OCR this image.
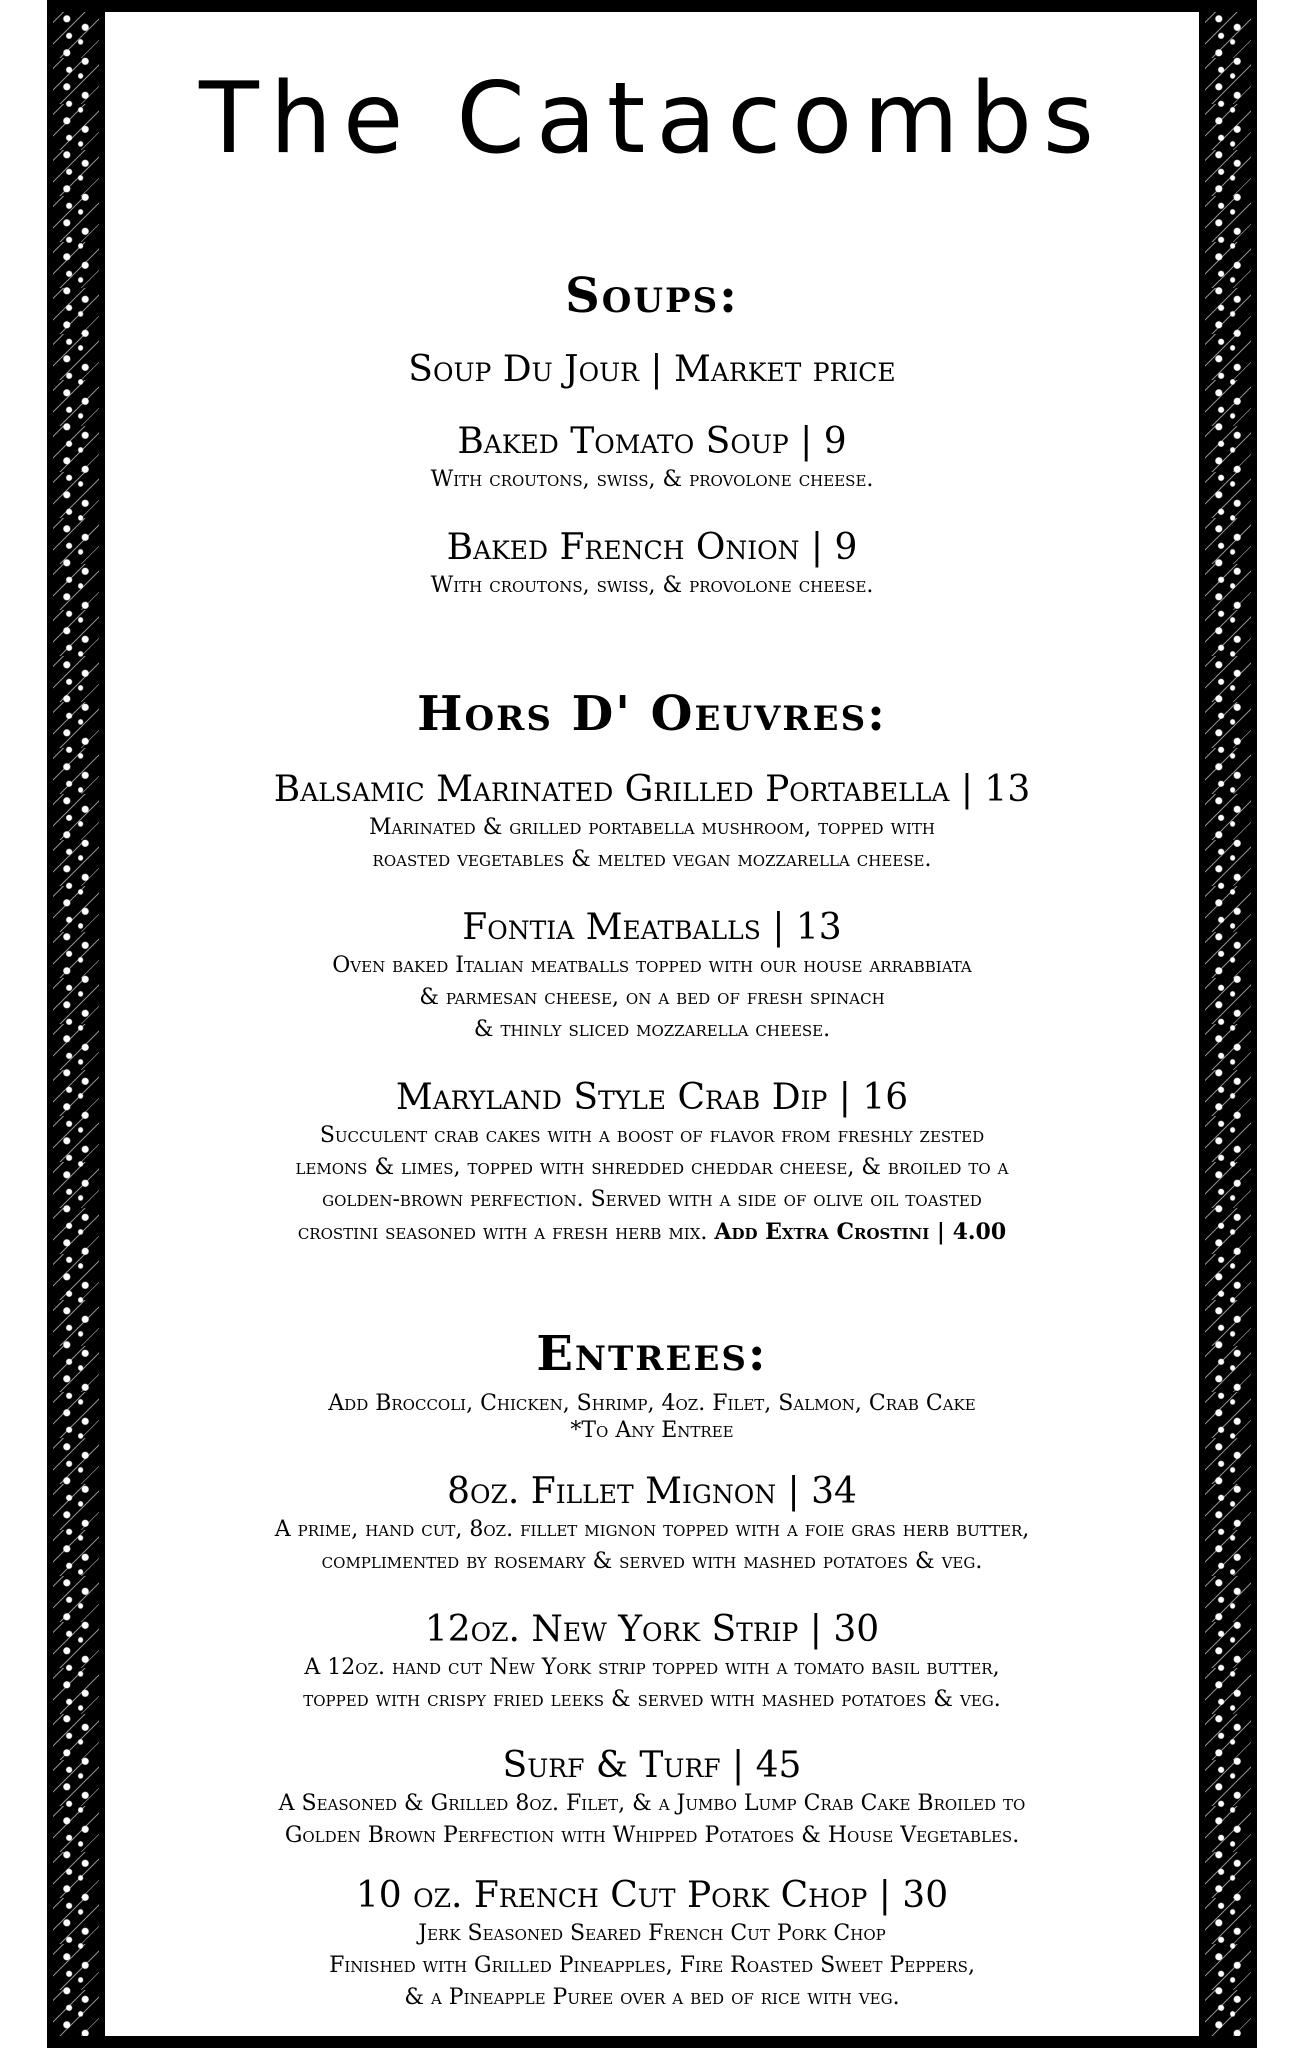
The Catacombs
Soups:

Soup Du Jour | Market price

Baked Tomato Soup | 9

With croutons, swiss, & provolone cheese.

Baked French Onion | 9

With croutons, swiss, & provolone cheese.

Hors D' Oeuvres:

Balsamic Marinated Grilled Portabella | 13

Marinated & grilled portabella mushroom, topped with
roasted vegetables & melted vegan mozzarella cheese.

Fontia Meatballs | 13

Oven baked Italian meatballs topped with our house arrabbiata
& parmesan cheese, on a bed of fresh spinach
& thinly sliced mozzarella cheese.

Maryland Style Crab Dip | 16

Succulent crab cakes with a boost of flavor from freshly zested
lemons & limes, topped with shredded cheddar cheese, & broiled to a
golden-brown perfection. Served with a side of olive oil toasted
crostini seasoned with a fresh herb mix. Add Extra Crostini | 4.00

Entrees:

Add Broccoli, Chicken, Shrimp, 4oz. Filet, Salmon, Crab Cake
*To Any Entree

8oz. Fillet Mignon | 34

A prime, hand cut, 8oz. fillet mignon topped with a foie gras herb butter,
complimented by rosemary & served with mashed potatoes & veg.

12oz. New York Strip | 30

A 12oz. hand cut New York strip topped with a tomato basil butter,
topped with crispy fried leeks & served with mashed potatoes & veg.

Surf & Turf | 45

A Seasoned & Grilled 8oz. Filet, & a Jumbo Lump Crab Cake Broiled to
Golden Brown Perfection with Whipped Potatoes & House Vegetables.

10 oz. French Cut Pork Chop | 30

Jerk Seasoned Seared French Cut Pork Chop
Finished with Grilled Pineapples, Fire Roasted Sweet Peppers,
& a Pineapple Puree over a bed of rice with veg.
